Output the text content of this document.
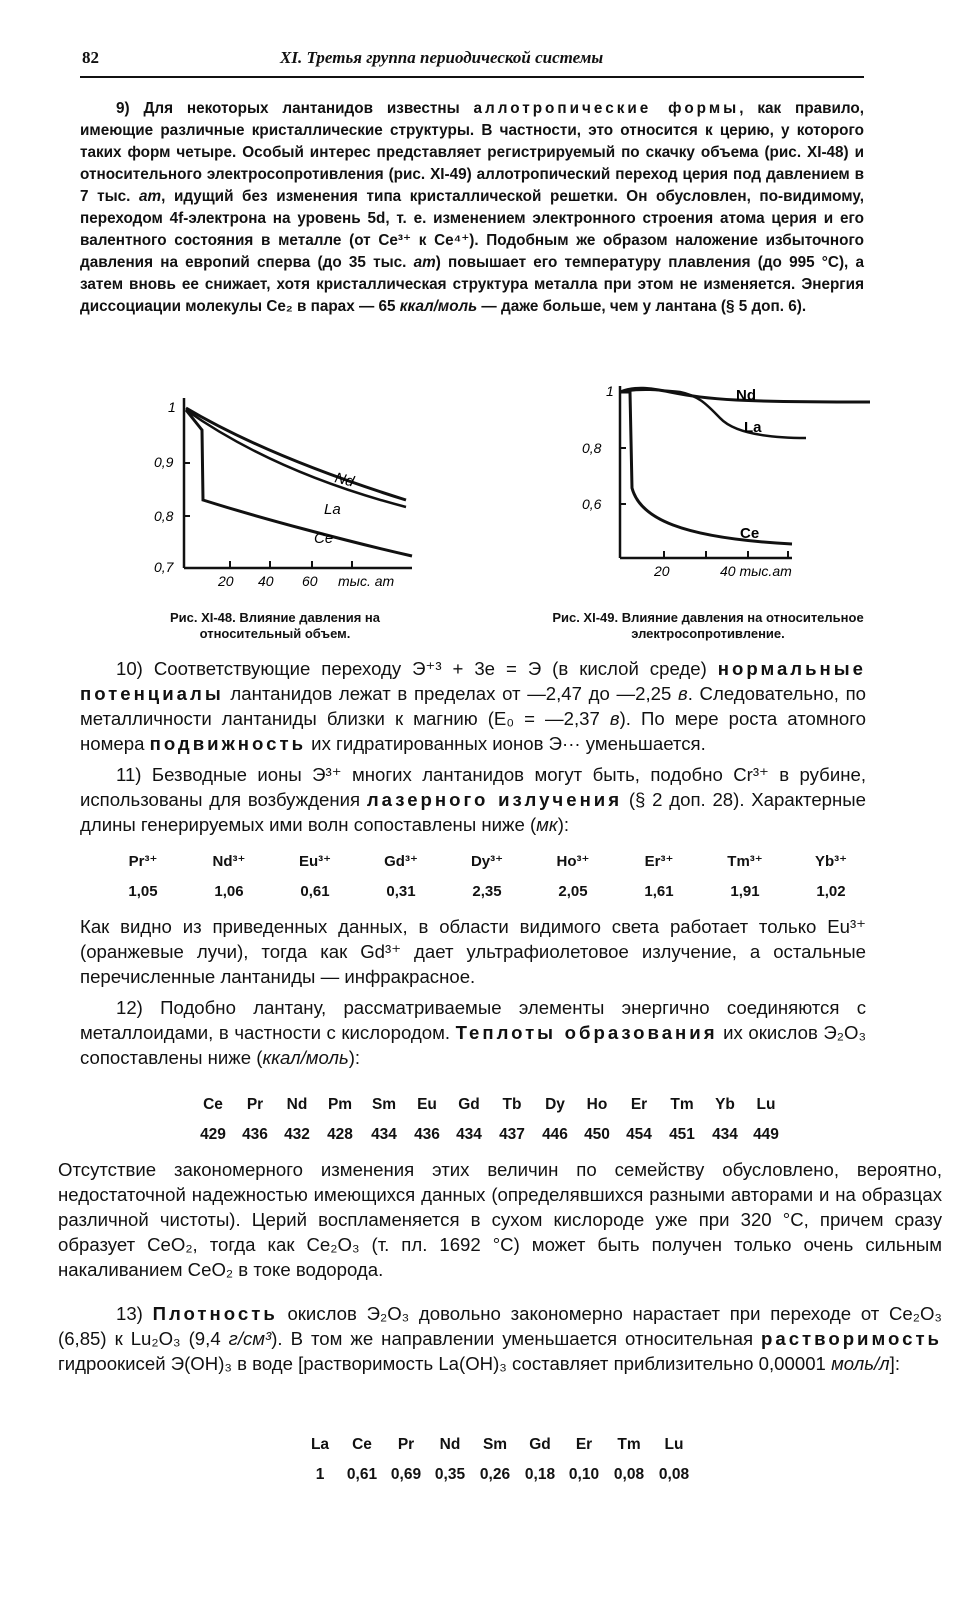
82	XI. Третья группа периодической системы

9) Для некоторых лантанидов известны аллотропические формы, как правило, имеющие различные кристаллические структуры. В частности, это относится к церию, у которого таких форм четыре. Особый интерес представляет регистрируемый по скачку объема (рис. XI-48) и относительного электросопротивления (рис. XI-49) аллотропический переход церия под давлением в 7 тыс. ат, идущий без изменения типа кристаллической решетки. Он обусловлен, по-видимому, переходом 4f-электрона на уровень 5d, т. е. изменением электронного строения атома церия и его валентного состояния в металле (от Ce³⁺ к Ce⁴⁺). Подобным же образом наложение избыточного давления на европий сперва (до 35 тыс. ат) повышает его температуру плавления (до 995 °C), а затем вновь ее снижает, хотя кристаллическая структура металла при этом не изменяется. Энергия диссоциации молекулы Ce₂ в парах — 65 ккал/моль — даже больше, чем у лантана (§ 5 доп. 6).

Nd
La
Ce
1
0,9
0,8
0,7
20 40 60 тыс. ат
Рис. XI-48. Влияние давления на относительный объем.
Nd
La
Ce
1
0,8
0,6
20	40 тыс.ат
Рис. XI-49. Влияние давления на относительное электросопротивление.

10) Соответствующие переходу Э⁺³ + 3e = Э (в кислой среде) нормальные потенциалы лантанидов лежат в пределах от —2,47 до —2,25 в. Следовательно, по металличности лантаниды близки к магнию (E₀ = —2,37 в). По мере роста атомного номера подвижность их гидратированных ионов Э··· уменьшается.

11) Безводные ионы Э³⁺ многих лантанидов могут быть, подобно Cr³⁺ в рубине, использованы для возбуждения лазерного излучения (§ 2 доп. 28). Характерные длины генерируемых ими волн сопоставлены ниже (мк):

Pr³⁺	Nd³⁺	Eu³⁺	Gd³⁺	Dy³⁺	Ho³⁺	Er³⁺	Tm³⁺	Yb³⁺
1,05	1,06	0,61	0,31	2,35	2,05	1,61	1,91	1,02

Как видно из приведенных данных, в области видимого света работает только Eu³⁺ (оранжевые лучи), тогда как Gd³⁺ дает ультрафиолетовое излучение, а остальные перечисленные лантаниды — инфракрасное.

12) Подобно лантану, рассматриваемые элементы энергично соединяются с металлоидами, в частности с кислородом. Теплоты образования их окислов Э₂O₃ сопоставлены ниже (ккал/моль):

Ce	Pr	Nd	Pm	Sm	Eu	Gd	Tb	Dy	Ho	Er	Tm	Yb	Lu
429	436	432	428	434	436	434	437	446	450	454	451	434	449

Отсутствие закономерного изменения этих величин по семейству обусловлено, вероятно, недостаточной надежностью имеющихся данных (определявшихся разными авторами и на образцах различной чистоты). Церий воспламеняется в сухом кислороде уже при 320 °C, причем сразу образует CeO₂, тогда как Ce₂O₃ (т. пл. 1692 °C) может быть получен только очень сильным накаливанием CeO₂ в токе водорода.

13) Плотность окислов Э₂O₃ довольно закономерно нарастает при переходе от Ce₂O₃ (6,85) к Lu₂O₃ (9,4 г/см³). В том же направлении уменьшается относительная растворимость гидроокисей Э(OH)₃ в воде [растворимость La(OH)₃ составляет приблизительно 0,00001 моль/л]:

La	Ce	Pr	Nd	Sm	Gd	Er	Tm	Lu
1	0,61	0,69	0,35	0,26	0,18	0,10	0,08	0,08
